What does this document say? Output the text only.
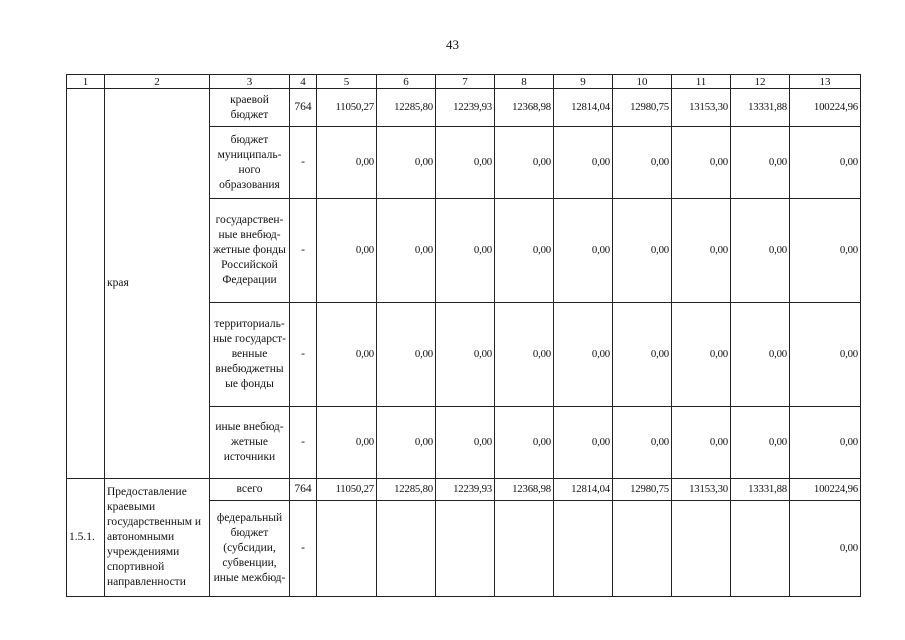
43
1	2	3	4	5	6	7	8	9	10	11	12	13
	края	краевой бюджет	764	11050,27	12285,80	12239,93	12368,98	12814,04	12980,75	13153,30	13331,88	100224,96
		бюджет муниципаль-ного образования	-	0,00	0,00	0,00	0,00	0,00	0,00	0,00	0,00	0,00
		государствен-ные внебюд-жетные фонды Российской Федерации	-	0,00	0,00	0,00	0,00	0,00	0,00	0,00	0,00	0,00
		территориаль-ные государст-венные внебюджетны ые фонды	-	0,00	0,00	0,00	0,00	0,00	0,00	0,00	0,00	0,00
		иные внебюд-жетные источники	-	0,00	0,00	0,00	0,00	0,00	0,00	0,00	0,00	0,00
1.5.1.	Предоставление краевыми государственным и автономными учреждениями спортивной направленности	всего	764	11050,27	12285,80	12239,93	12368,98	12814,04	12980,75	13153,30	13331,88	100224,96
		федеральный бюджет (субсидии, субвенции, иные межбюд-	-									0,00
